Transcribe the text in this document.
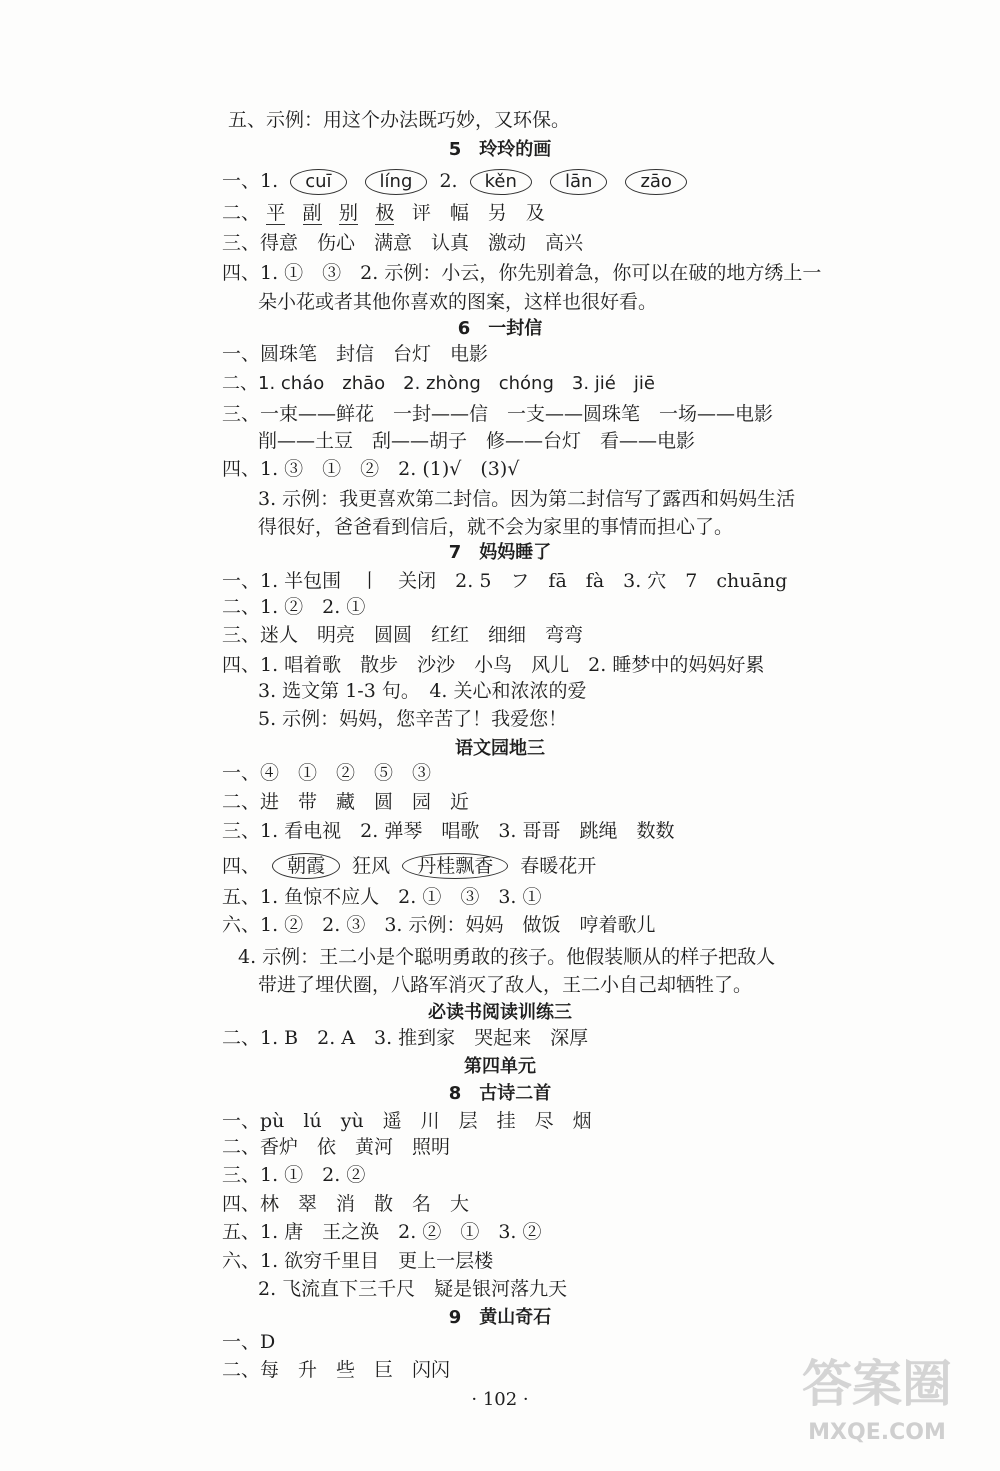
五、示例：用这个办法既巧妙，又环保。
5　玲玲的画
一、1. cuī	líng 2. kěn	lān	zāo
二、 平 副 别 极 评　幅　另　及
三、得意　伤心　满意　认真　激动　高兴
四、1. ①　③　2. 示例：小云，你先别着急，你可以在破的地方绣上一
朵小花或者其他你喜欢的图案，这样也很好看。
6　一封信
一、圆珠笔　封信　台灯　电影
二、1. cháo　zhāo　2. zhòng　chóng　3. jié　jiē
三、一束——鲜花　一封——信　一支——圆珠笔　一场——电影
削——土豆　刮——胡子　修——台灯　看——电影
四、1. ③　①　②　2. (1)√　(3)√
3. 示例：我更喜欢第二封信。因为第二封信写了露西和妈妈生活
得很好，爸爸看到信后，就不会为家里的事情而担心了。
7　妈妈睡了
一、1. 半包围　丨　关闭　2. 5　フ　fā　fà　3. 穴　7　chuāng
二、1. ②　2. ①
三、迷人　明亮　圆圆　红红　细细　弯弯
四、1. 唱着歌　散步　沙沙　小鸟　风儿　2. 睡梦中的妈妈好累
3. 选文第 1-3 句。　4. 关心和浓浓的爱
5. 示例：妈妈，您辛苦了！我爱您！
语文园地三
一、④　①　②　⑤　③
二、进　带　藏　圆　园　近
三、1. 看电视　2. 弹琴　唱歌　3. 哥哥　跳绳　数数
四、 朝霞 狂风 丹桂飘香 春暖花开
五、1. 鱼惊不应人　2. ①　③　3. ①
六、1. ②　2. ③　3. 示例：妈妈　做饭　哼着歌儿
4. 示例：王二小是个聪明勇敢的孩子。他假装顺从的样子把敌人
带进了埋伏圈，八路军消灭了敌人，王二小自己却牺牲了。
必读书阅读训练三
二、1. B　2. A　3. 推到家　哭起来　深厚
第四单元
8　古诗二首
一、pù　lú　yù　遥　川　层　挂　尽　烟
二、香炉　依　黄河　照明
三、1. ①　2. ②
四、林　翠　消　散　名　大
五、1. 唐　王之涣　2. ②　①　3. ②
六、1. 欲穷千里目　更上一层楼
2. 飞流直下三千尺　疑是银河落九天
9　黄山奇石
一、D
二、每　升　些　巨　闪闪
· 102 ·	答案圈
MXQE.COM
